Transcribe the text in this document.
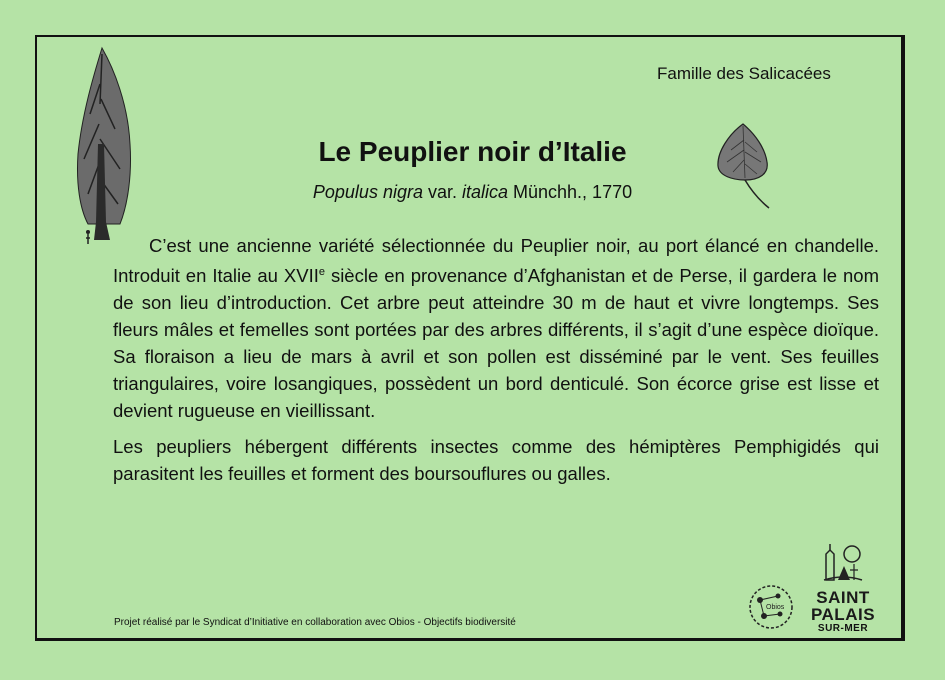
Famille des Salicacées
Le Peuplier noir d’Italie
Populus nigra var. italica Münchh., 1770

C’est une ancienne variété sélectionnée du Peuplier noir, au port élancé en chandelle. Introduit en Italie au XVIIe siècle en provenance d’Afghanistan et de Perse, il gardera le nom de son lieu d’introduction. Cet arbre peut atteindre 30 m de haut et vivre longtemps. Ses fleurs mâles et femelles sont portées par des arbres différents, il s’agit d’une espèce dioïque. Sa floraison a lieu de mars à avril et son pollen est disséminé par le vent. Ses feuilles triangulaires, voire losangiques, possèdent un bord denticulé. Son écorce grise est lisse et devient rugueuse en vieillissant.

Les peupliers hébergent différents insectes comme des hémiptères Pemphigidés qui parasitent les feuilles et forment des boursouflures ou galles.

Projet réalisé par le Syndicat d’Initiative en collaboration avec Obios - Objectifs biodiversité
Obios
SAINT
PALAIS
SUR-MER
